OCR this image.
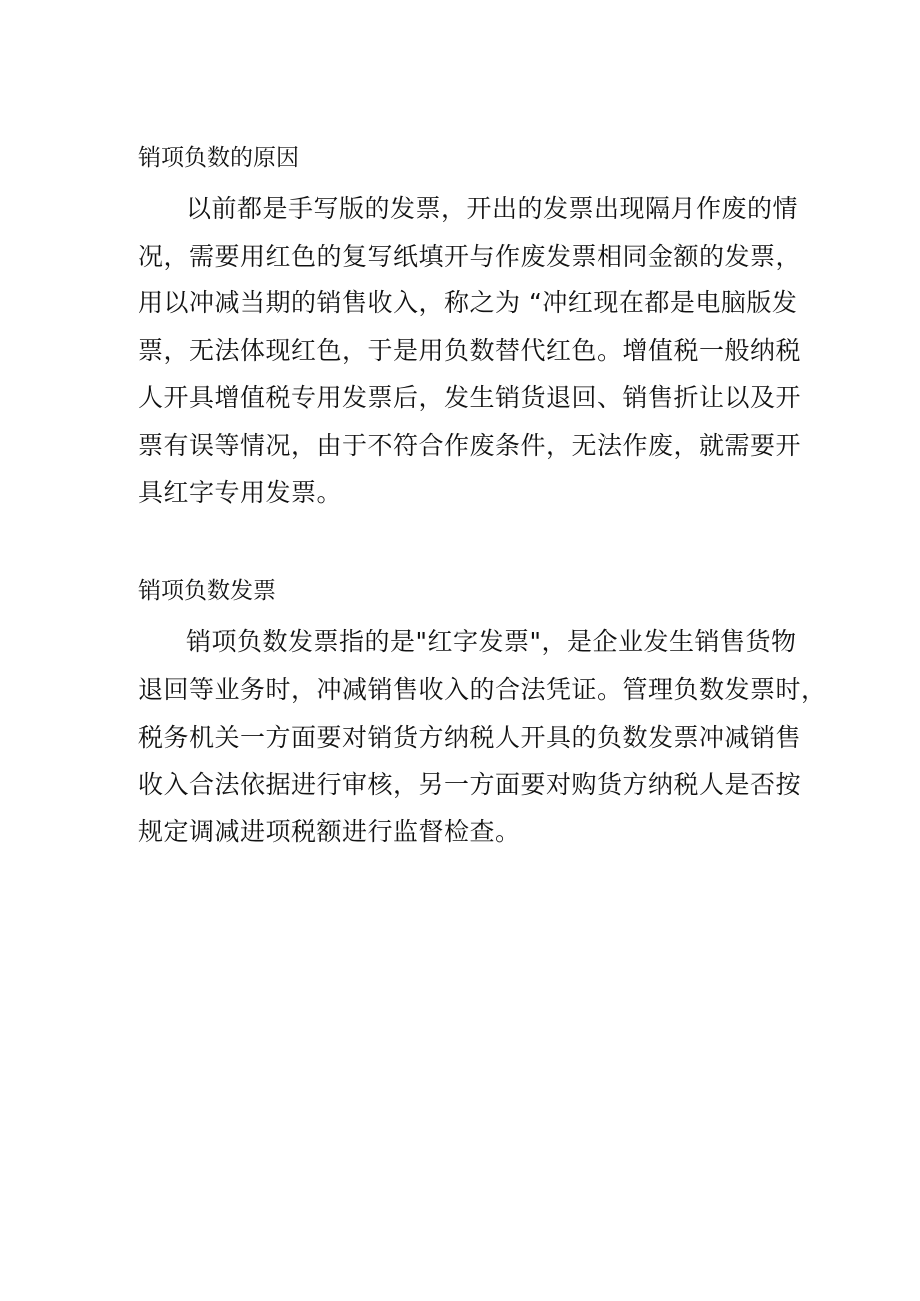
销项负数的原因
以前都是手写版的发票，开出的发票出现隔月作废的情
况，需要用红色的复写纸填开与作废发票相同金额的发票，
用以冲减当期的销售收入，称之为 “冲红现在都是电脑版发
票，无法体现红色，于是用负数替代红色。增值税一般纳税
人开具增值税专用发票后，发生销货退回、销售折让以及开
票有误等情况，由于不符合作废条件，无法作废，就需要开
具红字专用发票。
销项负数发票
销项负数发票指的是"红字发票"，是企业发生销售货物
退回等业务时，冲减销售收入的合法凭证。管理负数发票时，
税务机关一方面要对销货方纳税人开具的负数发票冲减销售
收入合法依据进行审核，另一方面要对购货方纳税人是否按
规定调减进项税额进行监督检查。
